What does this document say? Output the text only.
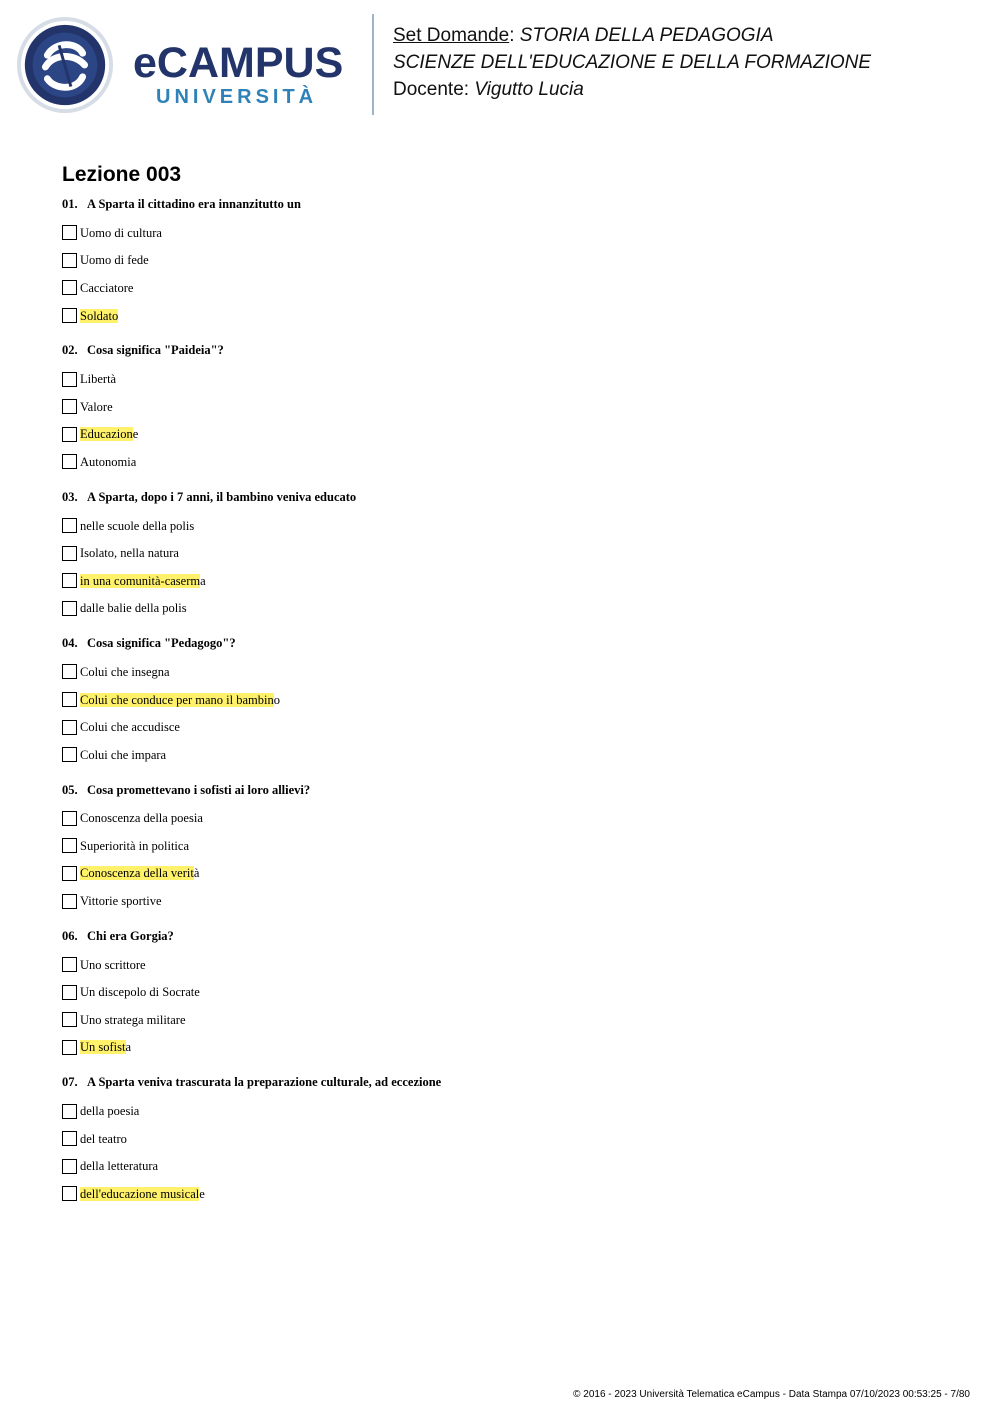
eCAMPUS
UNIVERSITÀ
Set Domande: STORIA DELLA PEDAGOGIA
SCIENZE DELL'EDUCAZIONE E DELLA FORMAZIONE
Docente: Vigutto Lucia
Lezione 003
01. A Sparta il cittadino era innanzitutto un
Uomo di cultura
Uomo di fede
Cacciatore
Soldato
02. Cosa significa "Paideia"?
Libertà
Valore
Educazione
Autonomia
03. A Sparta, dopo i 7 anni, il bambino veniva educato
nelle scuole della polis
Isolato, nella natura
in una comunità-caserma
dalle balie della polis
04. Cosa significa "Pedagogo"?
Colui che insegna
Colui che conduce per mano il bambino
Colui che accudisce
Colui che impara
05. Cosa promettevano i sofisti ai loro allievi?
Conoscenza della poesia
Superiorità in politica
Conoscenza della verità
Vittorie sportive
06. Chi era Gorgia?
Uno scrittore
Un discepolo di Socrate
Uno stratega militare
Un sofista
07. A Sparta veniva trascurata la preparazione culturale, ad eccezione
della poesia
del teatro
della letteratura
dell'educazione musicale
© 2016 - 2023 Università Telematica eCampus - Data Stampa 07/10/2023 00:53:25 - 7/80
